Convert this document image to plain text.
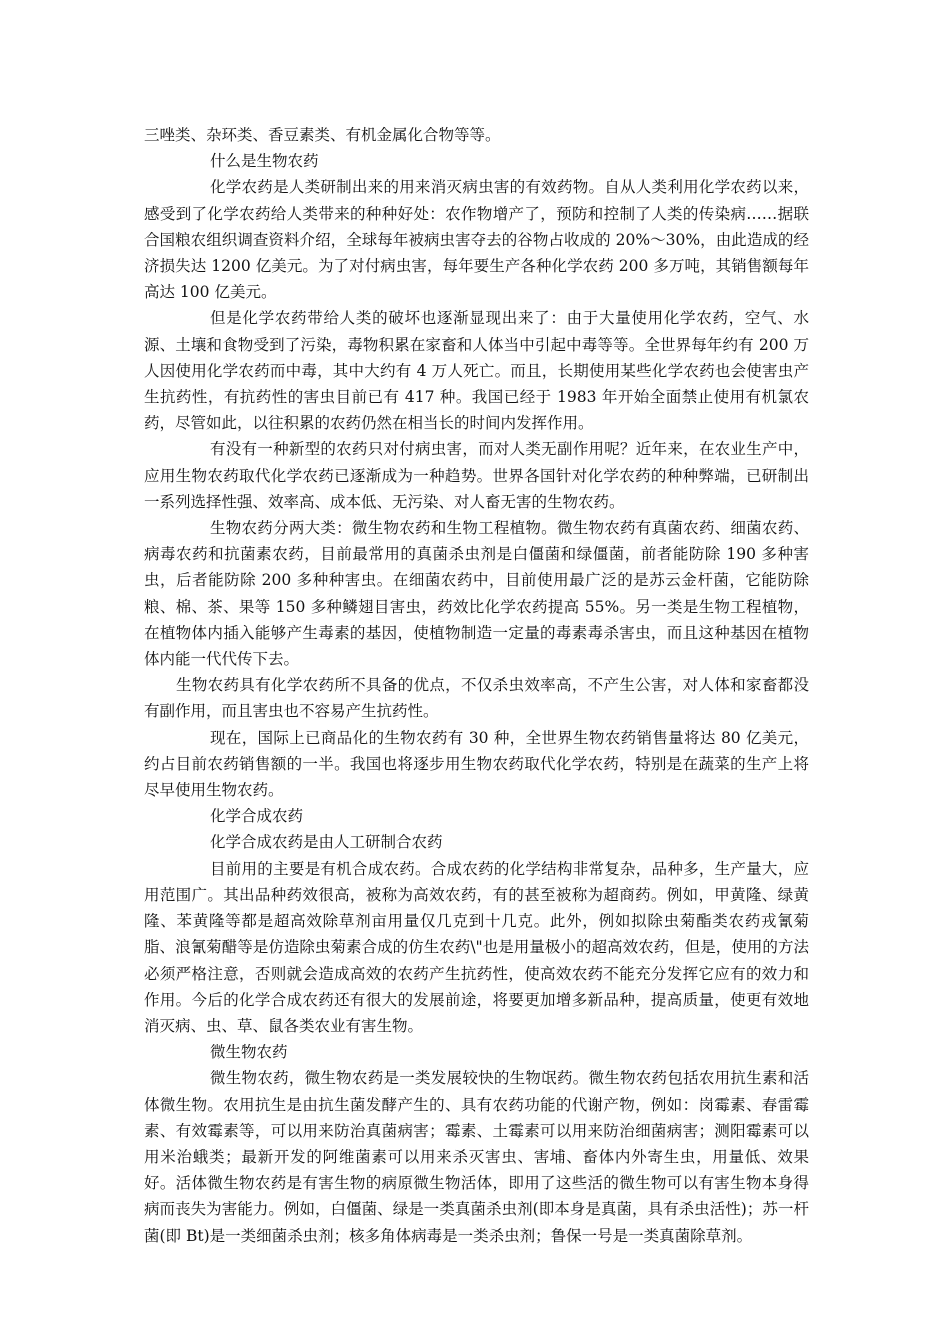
三唑类、杂环类、香豆素类、有机金属化合物等等。

什么是生物农药

化学农药是人类研制出来的用来消灭病虫害的有效药物。自从人类利用化学农药以来，感受到了化学农药给人类带来的种种好处：农作物增产了，预防和控制了人类的传染病……据联合国粮农组织调查资料介绍，全球每年被病虫害夺去的谷物占收成的 20%～30%，由此造成的经济损失达 1200 亿美元。为了对付病虫害，每年要生产各种化学农药 200 多万吨，其销售额每年高达 100 亿美元。

但是化学农药带给人类的破坏也逐渐显现出来了：由于大量使用化学农药，空气、水源、土壤和食物受到了污染，毒物积累在家畜和人体当中引起中毒等等。全世界每年约有 200 万人因使用化学农药而中毒，其中大约有 4 万人死亡。而且，长期使用某些化学农药也会使害虫产生抗药性，有抗药性的害虫目前已有 417 种。我国已经于 1983 年开始全面禁止使用有机氯农药，尽管如此，以往积累的农药仍然在相当长的时间内发挥作用。

有没有一种新型的农药只对付病虫害，而对人类无副作用呢？近年来，在农业生产中，应用生物农药取代化学农药已逐渐成为一种趋势。世界各国针对化学农药的种种弊端，已研制出一系列选择性强、效率高、成本低、无污染、对人畜无害的生物农药。

生物农药分两大类：微生物农药和生物工程植物。微生物农药有真菌农药、细菌农药、病毒农药和抗菌素农药，目前最常用的真菌杀虫剂是白僵菌和绿僵菌，前者能防除 190 多种害虫，后者能防除 200 多种种害虫。在细菌农药中，目前使用最广泛的是苏云金杆菌，它能防除粮、棉、茶、果等 150 多种鳞翅目害虫，药效比化学农药提高 55%。另一类是生物工程植物，在植物体内插入能够产生毒素的基因，使植物制造一定量的毒素毒杀害虫，而且这种基因在植物体内能一代代传下去。

生物农药具有化学农药所不具备的优点，不仅杀虫效率高，不产生公害，对人体和家畜都没有副作用，而且害虫也不容易产生抗药性。

现在，国际上已商品化的生物农药有 30 种，全世界生物农药销售量将达 80 亿美元，约占目前农药销售额的一半。我国也将逐步用生物农药取代化学农药，特别是在蔬菜的生产上将尽早使用生物农药。

化学合成农药

化学合成农药是由人工研制合农药

目前用的主要是有机合成农药。合成农药的化学结构非常复杂，品种多，生产量大，应用范围广。其出品种药效很高，被称为高效农药，有的甚至被称为超商药。例如，甲黄隆、绿黄隆、苯黄隆等都是超高效除草剂亩用量仅几克到十几克。此外，例如拟除虫菊酯类农药戎氰菊脂、浪氰菊醋等是仿造除虫菊素合成的仿生农药\"也是用量极小的超高效农药，但是，使用的方法必须严格注意，否则就会造成高效的农药产生抗药性，使高效农药不能充分发挥它应有的效力和作用。今后的化学合成农药还有很大的发展前途，将要更加增多新品种，提高质量，使更有效地消灭病、虫、草、鼠各类农业有害生物。

微生物农药

微生物农药，微生物农药是一类发展较快的生物氓药。微生物农药包括农用抗生素和活体微生物。农用抗生是由抗生菌发酵产生的、具有农药功能的代谢产物，例如：岗霉素、春雷霉素、有效霉素等，可以用来防治真菌病害；霉素、土霉素可以用来防治细菌病害；测阳霉素可以用米治蛾类；最新开发的阿维菌素可以用来杀灭害虫、害埔、畜体内外寄生虫，用量低、效果好。活体微生物农药是有害生物的病原微生物活体，即用了这些活的微生物可以有害生物本身得病而丧失为害能力。例如，白僵菌、绿是一类真菌杀虫剂(即本身是真菌，具有杀虫活性)；苏一杆菌(即 Bt)是一类细菌杀虫剂；核多角体病毒是一类杀虫剂；鲁保一号是一类真菌除草剂。
